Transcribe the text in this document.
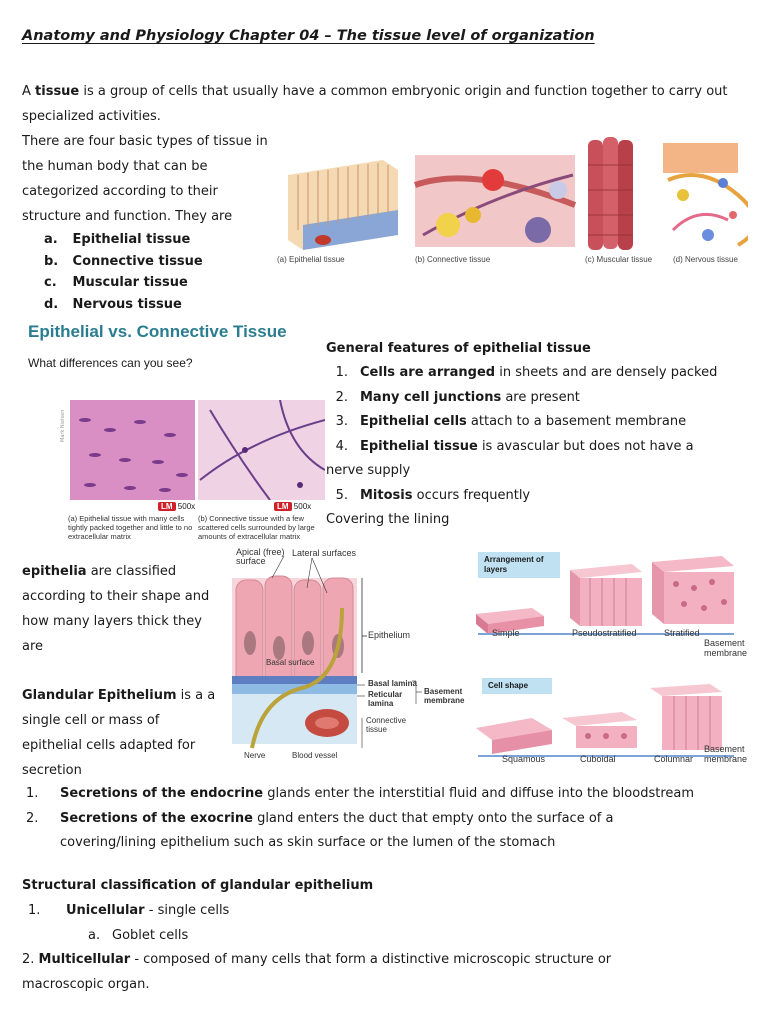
Anatomy and Physiology Chapter 04 – The tissue level of organization
A tissue is a group of cells that usually have a common embryonic origin and function together to carry out specialized activities.
There are four basic types of tissue in the human body that can be categorized according to their structure and function. They are
a. Epithelial tissue
b. Connective tissue
c. Muscular tissue
d. Nervous tissue
(a) Epithelial tissue	(b) Connective tissue	(c) Muscular tissue	(d) Nervous tissue
Epithelial vs. Connective Tissue
What differences can you see?
LM 500x	LM 500x
Mark Nielsen
(a) Epithelial tissue with many cells tightly packed together and little to no extracellular matrix
(b) Connective tissue with a few scattered cells surrounded by large amounts of extracellular matrix
General features of epithelial tissue
1. Cells are arranged in sheets and are densely packed
2. Many cell junctions are present
3. Epithelial cells attach to a basement membrane
4. Epithelial tissue is avascular but does not have a
nerve supply
5. Mitosis occurs frequently
Covering the lining
epithelia are classified according to their shape and how many layers thick they are
Glandular Epithelium is a a single cell or mass of epithelial cells adapted for secretion
Apical (free) surface
Lateral surfaces
Epithelium
Basal surface
Basal lamina
Reticular lamina
Basement membrane
Connective tissue
Nerve	Blood vessel
Arrangement of layers
Simple	Pseudostratified	Stratified
Basement membrane
Cell shape
Squamous	Cuboidal	Columnar
Basement membrane
1.	Secretions of the endocrine glands enter the interstitial fluid and diffuse into the bloodstream
2.	Secretions of the exocrine gland enters the duct that empty onto the surface of a covering/lining epithelium such as skin surface or the lumen of the stomach
Structural classification of glandular epithelium
1. Unicellular - single cells
a. Goblet cells
2. Multicellular - composed of many cells that form a distinctive microscopic structure or macroscopic organ.
